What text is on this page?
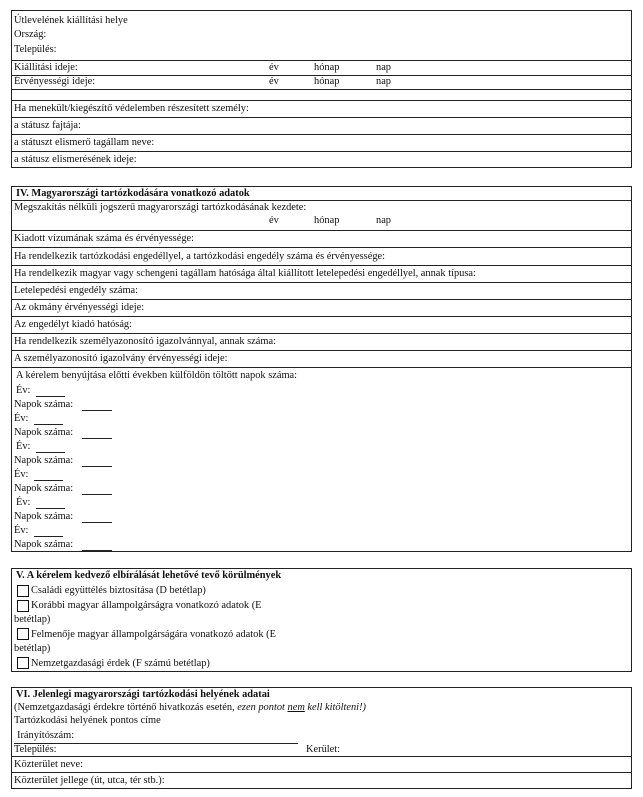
Útlevelének kiállítási helye
Ország:
Település:
Kiállítási ideje:	év	hónap	nap
Érvényességi ideje:	év	hónap	nap
Ha menekült/kiegészítő védelemben részesített személy:
a státusz fajtája:
a státuszt elismerő tagállam neve:
a státusz elismerésének ideje:
IV. Magyarországi tartózkodására vonatkozó adatok
Megszakítás nélküli jogszerű magyarországi tartózkodásának kezdete:
év	hónap	nap
Kiadott vízumának száma és érvényessége:
Ha rendelkezik tartózkodási engedéllyel, a tartózkodási engedély száma és érvényessége:
Ha rendelkezik magyar vagy schengeni tagállam hatósága által kiállított letelepedési engedéllyel, annak típusa:
Letelepedési engedély száma:
Az okmány érvényességi ideje:
Az engedélyt kiadó hatóság:
Ha rendelkezik személyazonosító igazolvánnyal, annak száma:
A személyazonosító igazolvány érvényességi ideje:
A kérelem benyújtása előtti években külföldön töltött napok száma:
Év:
Napok száma:
Év:
Napok száma:
Év:
Napok száma:
Év:
Napok száma:
Év:
Napok száma:
Év:
Napok száma:
V. A kérelem kedvező elbírálását lehetővé tevő körülmények
Családi együttélés biztosítása (D betétlap)
Korábbi magyar állampolgárságra vonatkozó adatok (E
betétlap)
Felmenője magyar állampolgárságára vonatkozó adatok (E
betétlap)
Nemzetgazdasági érdek (F számú betétlap)
VI. Jelenlegi magyarországi tartózkodási helyének adatai
(Nemzetgazdasági érdekre történő hivatkozás esetén, ezen pontot nem kell kitölteni!)
Tartózkodási helyének pontos címe
Irányítószám:
Település:	Kerület:
Közterület neve:
Közterület jellege (út, utca, tér stb.):
